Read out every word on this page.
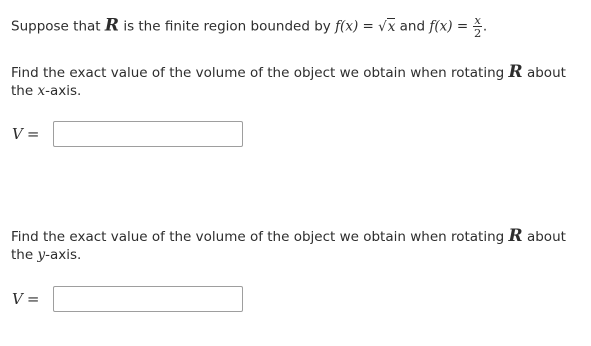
Suppose that R is the finite region bounded by f(x) = √x and $f(x) = \frac{x}{2}$ .
Find the exact value of the volume of the object we obtain when rotating R about
the x-axis.
V =
Find the exact value of the volume of the object we obtain when rotating R about
the y-axis.
V =
